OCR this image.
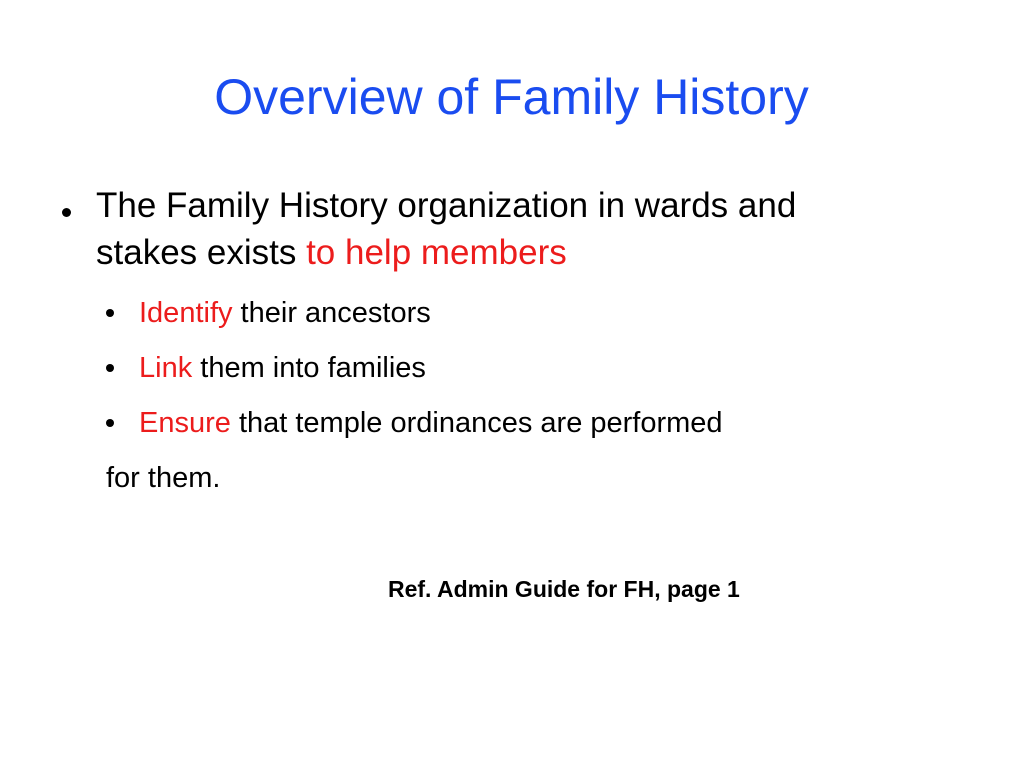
Overview of Family History
The Family History organization in wards and
stakes exists to help members
Identify their ancestors
Link them into families
Ensure that temple ordinances are performed
for them.
Ref. Admin Guide for FH, page 1
